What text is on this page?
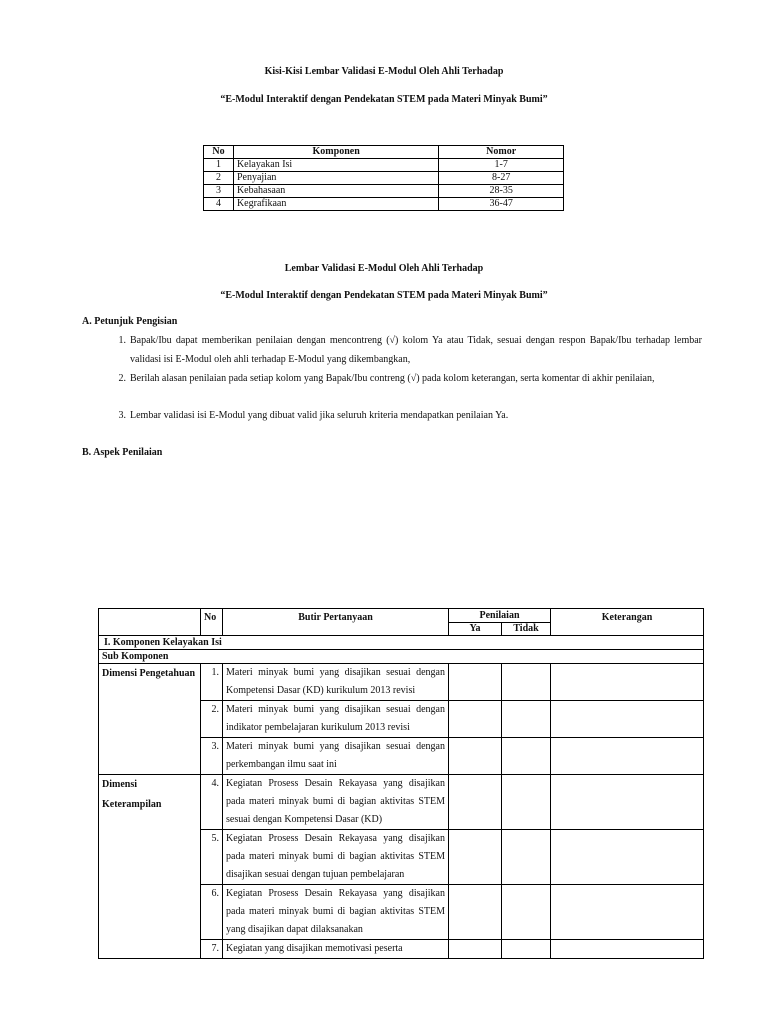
Kisi-Kisi Lembar Validasi E-Modul Oleh Ahli Terhadap
“E-Modul Interaktif dengan Pendekatan STEM pada Materi Minyak Bumi”
No	Komponen	Nomor
1	Kelayakan Isi	1-7
2	Penyajian	8-27
3	Kebahasaan	28-35
4	Kegrafikaan	36-47
Lembar Validasi E-Modul Oleh Ahli Terhadap
“E-Modul Interaktif dengan Pendekatan STEM pada Materi Minyak Bumi”
A. Petunjuk Pengisian
1. Bapak/Ibu dapat memberikan penilaian dengan mencontreng (√) kolom Ya atau Tidak, sesuai dengan respon Bapak/Ibu terhadap lembar validasi isi E-Modul oleh ahli terhadap E-Modul yang dikembangkan,
2. Berilah alasan penilaian pada setiap kolom yang Bapak/Ibu contreng (√) pada kolom keterangan, serta komentar di akhir penilaian,
3. Lembar validasi isi E-Modul yang dibuat valid jika seluruh kriteria mendapatkan penilaian Ya.
B. Aspek Penilaian
	No	Butir Pertanyaan	Penilaian		Keterangan
			Ya	Tidak	
I. Komponen Kelayakan Isi					
Sub Komponen					
Dimensi Pengetahuan	1.	Materi minyak bumi yang disajikan sesuai dengan Kompetensi Dasar (KD) kurikulum 2013 revisi			
	2.	Materi minyak bumi yang disajikan sesuai dengan indikator pembelajaran kurikulum 2013 revisi			
	3.	Materi minyak bumi yang disajikan sesuai dengan perkembangan ilmu saat ini			
Dimensi Keterampilan	4.	Kegiatan Prosess Desain Rekayasa yang disajikan pada materi minyak bumi di bagian aktivitas STEM sesuai dengan Kompetensi Dasar (KD)			
	5.	Kegiatan Prosess Desain Rekayasa yang disajikan pada materi minyak bumi di bagian aktivitas STEM disajikan sesuai dengan tujuan pembelajaran			
	6.	Kegiatan Prosess Desain Rekayasa yang disajikan pada materi minyak bumi di bagian aktivitas STEM yang disajikan dapat dilaksanakan			
	7.	Kegiatan yang disajikan memotivasi peserta			
